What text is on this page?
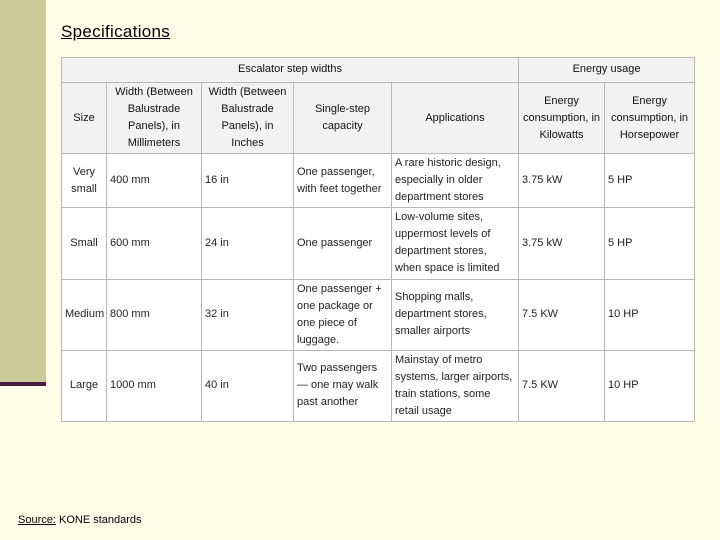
Specifications
Escalator step widths					Energy usage	
Size	Width (Between Balustrade Panels), in Millimeters	Width (Between Balustrade Panels), in Inches	Single-step capacity	Applications	Energy consumption, in Kilowatts	Energy consumption, in Horsepower
Very small	400 mm	16 in	One passenger, with feet together	A rare historic design, especially in older department stores	3.75 kW	5 HP
Small	600 mm	24 in	One passenger	Low-volume sites, uppermost levels of department stores, when space is limited	3.75 kW	5 HP
Medium	800 mm	32 in	One passenger + one package or one piece of luggage.	Shopping malls, department stores, smaller airports	7.5 KW	10 HP
Large	1000 mm	40 in	Two passengers — one may walk past another	Mainstay of metro systems, larger airports, train stations, some retail usage	7.5 KW	10 HP
Source: KONE standards
